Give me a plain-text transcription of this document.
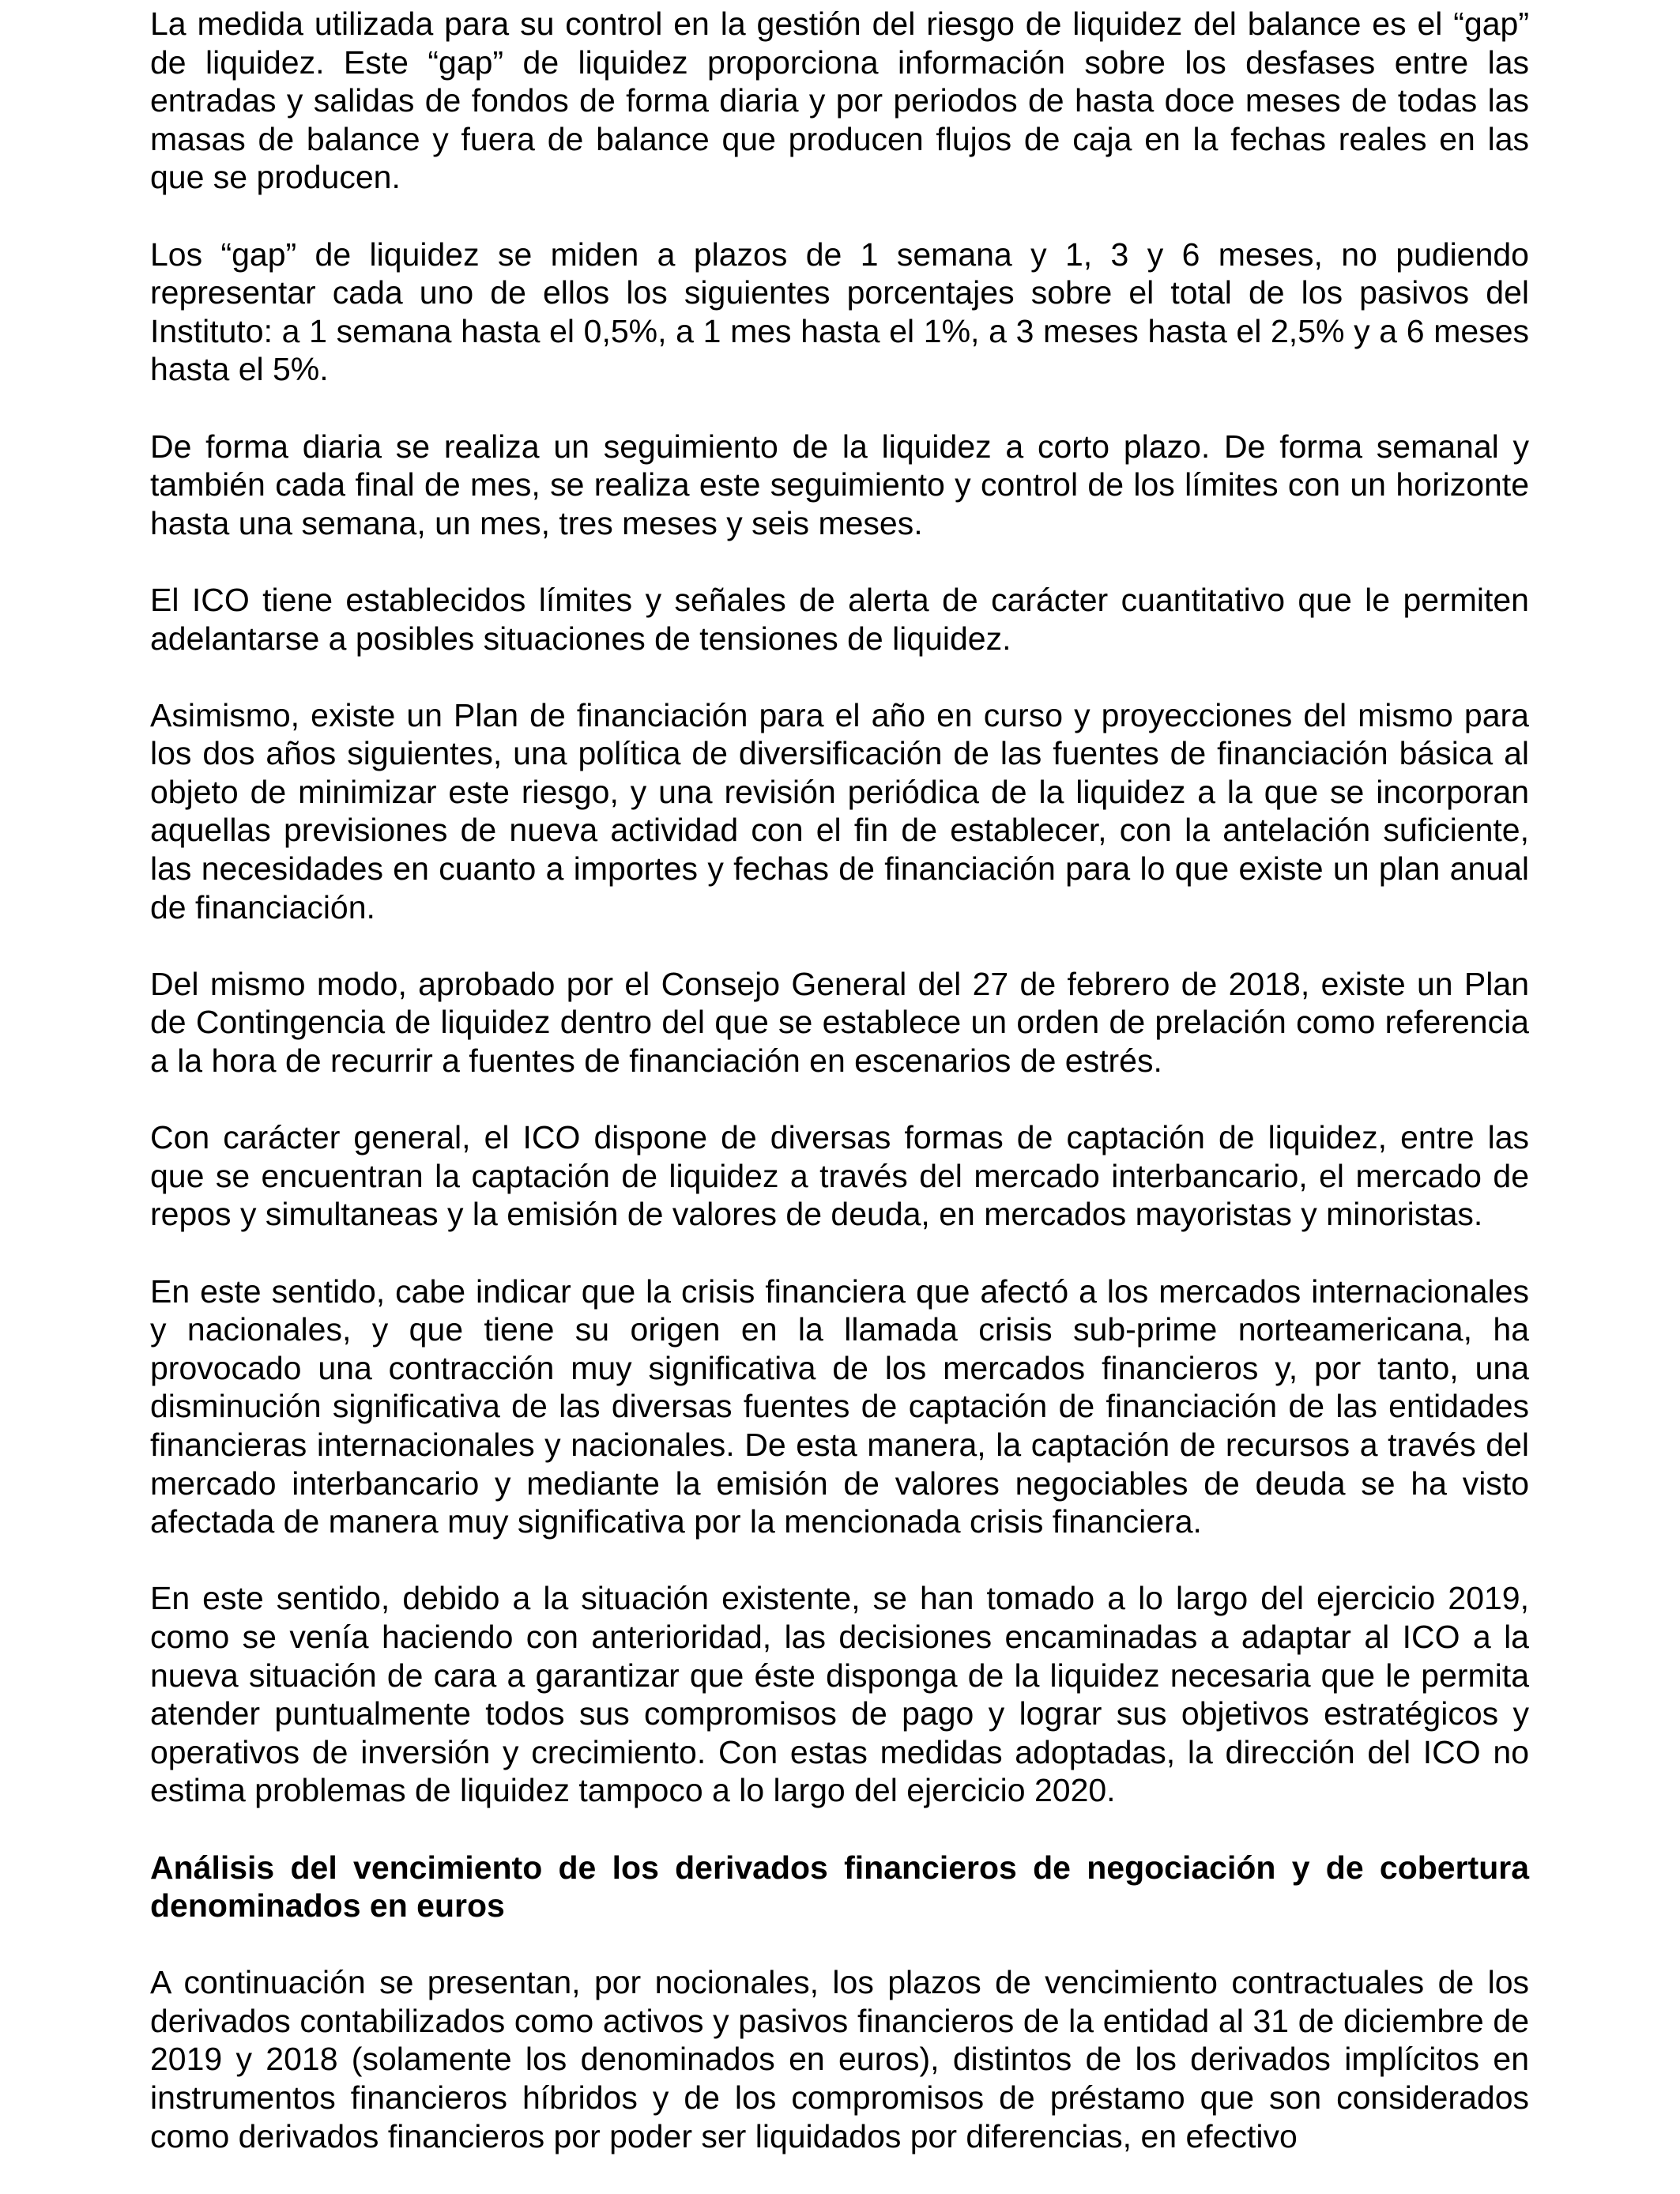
La medida utilizada para su control en la gestión del riesgo de liquidez del balance es el “gap” de liquidez. Este “gap” de liquidez proporciona información sobre los desfases entre las entradas y salidas de fondos de forma diaria y por periodos de hasta doce meses de todas las masas de balance y fuera de balance que producen flujos de caja en la fechas reales en las que se producen.

Los “gap” de liquidez se miden a plazos de 1 semana y 1, 3 y 6 meses, no pudiendo representar cada uno de ellos los siguientes porcentajes sobre el total de los pasivos del Instituto: a 1 semana hasta el 0,5%, a 1 mes hasta el 1%, a 3 meses hasta el 2,5% y a 6 meses hasta el 5%.

De forma diaria se realiza un seguimiento de la liquidez a corto plazo. De forma semanal y también cada final de mes, se realiza este seguimiento y control de los límites con un horizonte hasta una semana, un mes, tres meses y seis meses.

El ICO tiene establecidos límites y señales de alerta de carácter cuantitativo que le permiten adelantarse a posibles situaciones de tensiones de liquidez.

Asimismo, existe un Plan de financiación para el año en curso y proyecciones del mismo para los dos años siguientes, una política de diversificación de las fuentes de financiación básica al objeto de minimizar este riesgo, y una revisión periódica de la liquidez a la que se incorporan aquellas previsiones de nueva actividad con el fin de establecer, con la antelación suficiente, las necesidades en cuanto a importes y fechas de financiación para lo que existe un plan anual de financiación.

Del mismo modo, aprobado por el Consejo General del 27 de febrero de 2018, existe un Plan de Contingencia de liquidez dentro del que se establece un orden de prelación como referencia a la hora de recurrir a fuentes de financiación en escenarios de estrés.

Con carácter general, el ICO dispone de diversas formas de captación de liquidez, entre las que se encuentran la captación de liquidez a través del mercado interbancario, el mercado de repos y simultaneas y la emisión de valores de deuda, en mercados mayoristas y minoristas.

En este sentido, cabe indicar que la crisis financiera que afectó a los mercados internacionales y nacionales, y que tiene su origen en la llamada crisis sub-prime norteamericana, ha provocado una contracción muy significativa de los mercados financieros y, por tanto, una disminución significativa de las diversas fuentes de captación de financiación de las entidades financieras internacionales y nacionales. De esta manera, la captación de recursos a través del mercado interbancario y mediante la emisión de valores negociables de deuda se ha visto afectada de manera muy significativa por la mencionada crisis financiera.

En este sentido, debido a la situación existente, se han tomado a lo largo del ejercicio 2019, como se venía haciendo con anterioridad, las decisiones encaminadas a adaptar al ICO a la nueva situación de cara a garantizar que éste disponga de la liquidez necesaria que le permita atender puntualmente todos sus compromisos de pago y lograr sus objetivos estratégicos y operativos de inversión y crecimiento. Con estas medidas adoptadas, la dirección del ICO no estima problemas de liquidez tampoco a lo largo del ejercicio 2020.

Análisis del vencimiento de los derivados financieros de negociación y de cobertura denominados en euros

A continuación se presentan, por nocionales, los plazos de vencimiento contractuales de los derivados contabilizados como activos y pasivos financieros de la entidad al 31 de diciembre de 2019 y 2018 (solamente los denominados en euros), distintos de los derivados implícitos en instrumentos financieros híbridos y de los compromisos de préstamo que son considerados como derivados financieros por poder ser liquidados por diferencias, en efectivo
